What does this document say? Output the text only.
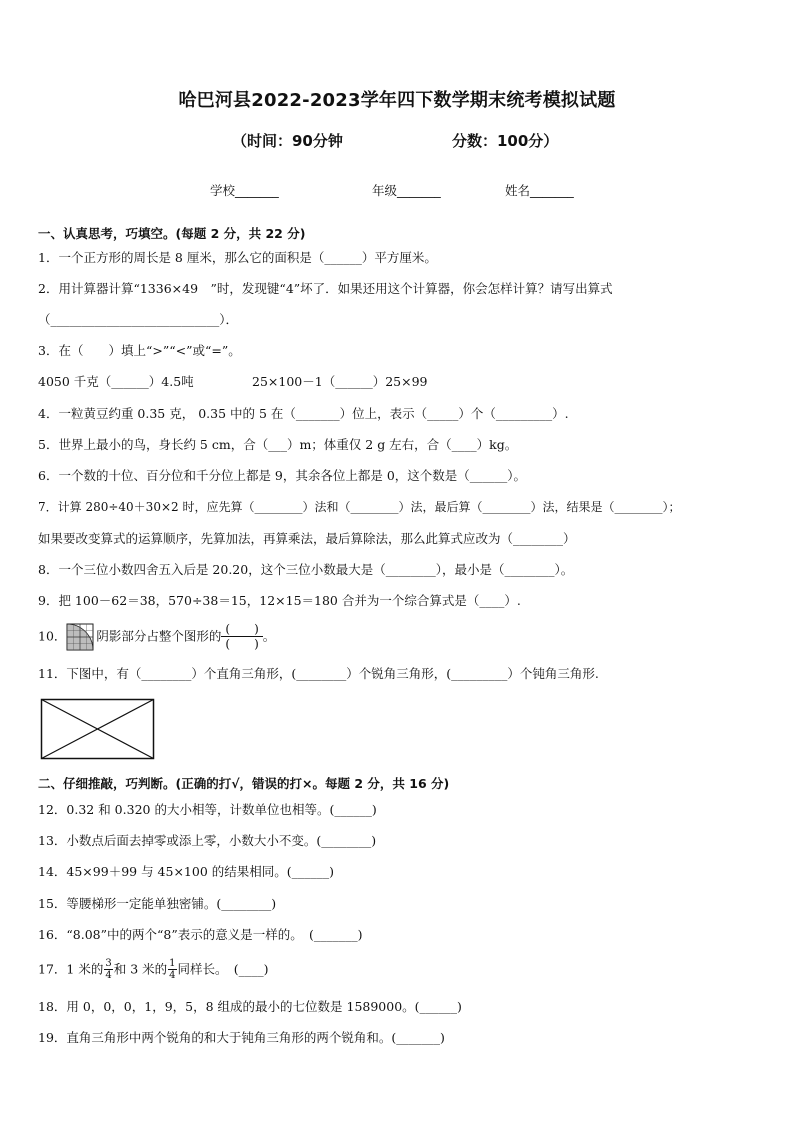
哈巴河县2022-2023学年四下数学期末统考模拟试题
（时间：90分钟	分数：100分）
学校_______	年级_______	姓名_______
一、认真思考，巧填空。(每题 2 分，共 22 分)
1．一个正方形的周长是 8 厘米，那么它的面积是（______）平方厘米。
2．用计算器计算“1336×49　”时，发现键“4”坏了．如果还用这个计算器，你会怎样计算？请写出算式
（___________________________）．
3．在（　　）填上“>”“<”或“=”。
4050 千克（______）4.5吨	25×100－1（______）25×99
4．一粒黄豆约重 0.35 克， 0.35 中的 5 在（_______）位上，表示（_____）个（_________）.
5．世界上最小的鸟，身长约 5 cm，合（___）m；体重仅 2 g 左右，合（____）kg。
6．一个数的十位、百分位和千分位上都是 9，其余各位上都是 0，这个数是（______）。
7．计算 280÷40＋30×2 时，应先算（________）法和（________）法，最后算（________）法，结果是（________）；
如果要改变算式的运算顺序，先算加法，再算乘法，最后算除法，那么此算式应改为（________）
8．一个三位小数四舍五入后是 20.20，这个三位小数最大是（________），最小是（________）。
9．把 100－62＝38，570÷38＝15，12×15＝180 合并为一个综合算式是（____）.
10． 阴影部分占整个图形的 (　　)
(　　)
。
11．下图中，有（________）个直角三角形，(________）个锐角三角形，(_________）个钝角三角形.
二、仔细推敲，巧判断。(正确的打√，错误的打×。每题 2 分，共 16 分)
12．0.32 和 0.320 的大小相等，计数单位也相等。(______)
13．小数点后面去掉零或添上零，小数大小不变。(________)
14．45×99＋99 与 45×100 的结果相同。(______)
15．等腰梯形一定能单独密铺。(________)
16．“8.08”中的两个“8”表示的意义是一样的。　(_______)
17．1 米的 $\frac{3}{4}$ 和 3 米的 $\frac{1}{4}$ 同样长。　(____)
18．用 0，0，0，1，9，5，8 组成的最小的七位数是 1589000。(______)
19．直角三角形中两个锐角的和大于钝角三角形的两个锐角和。(_______)
